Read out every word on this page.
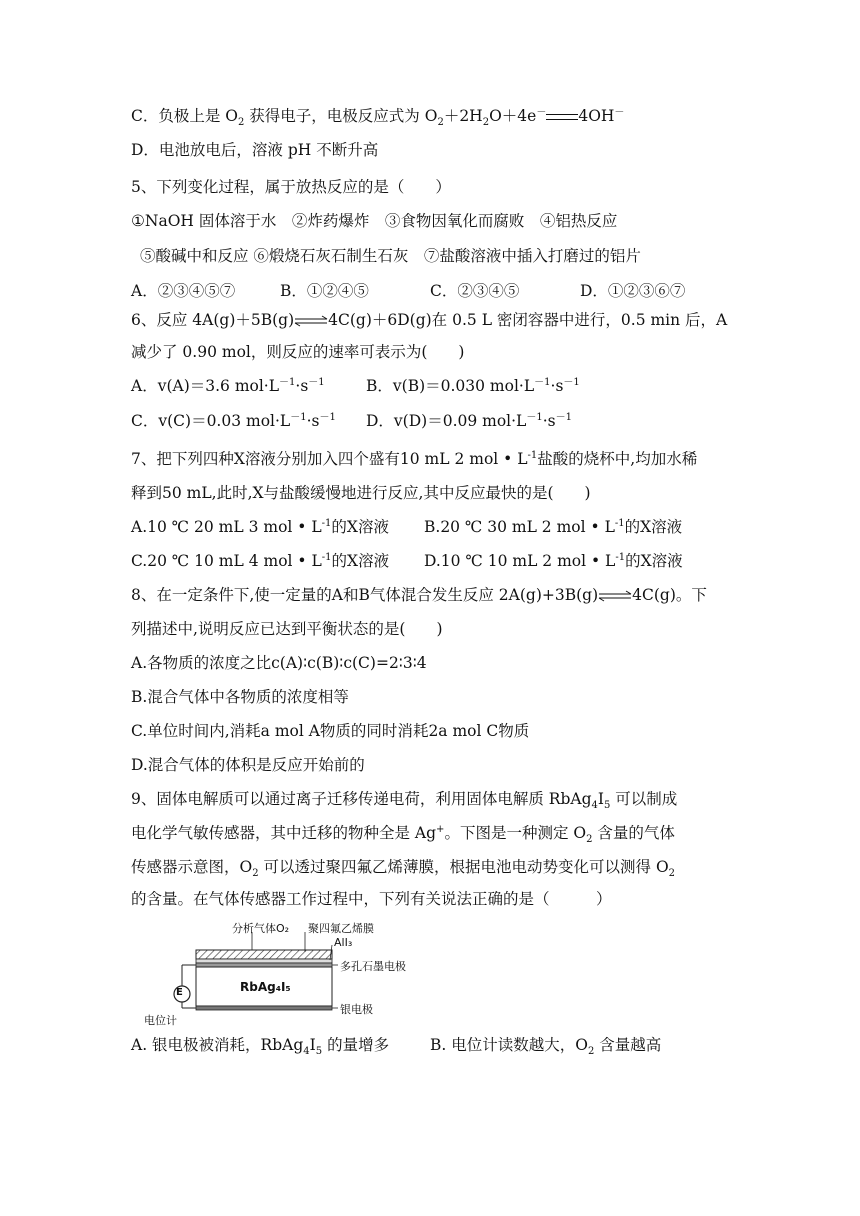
C．负极上是 $O_2$ 获得电子，电极反应式为 $O_2+2H_2O+4e^-$ 4OH－
D．电池放电后，溶液 pH 不断升高
5、下列变化过程，属于放热反应的是（　　）
①NaOH 固体溶于水　②炸药爆炸　③食物因氧化而腐败　④铝热反应
⑤酸碱中和反应 ⑥煅烧石灰石制生石灰　⑦盐酸溶液中插入打磨过的铝片
A．②③④⑤⑦	B．①②④⑤	C．②③④⑤	D．①②③⑥⑦
6、反应 4A(g)＋5B(g)⇌4C(g)＋6D(g)在 0.5 L 密闭容器中进行，0.5 min 后，A
减少了 0.90 mol，则反应的速率可表示为(　　)
A．v(A)＝3.6 $mol\cdot L^{-1}\cdot s^{-1}$	B．v(B)＝0.030 $mol\cdot L^{-1}\cdot s^{-1}$
C．v(C)＝0.03 $mol\cdot L^{-1}\cdot s^{-1}$ D．v(D)＝0.09 $mol\cdot L^{-1}\cdot s^{-1}$
7、把下列四种X溶液分别加入四个盛有10 mL 2 mol • $L^{-1}$盐酸的烧杯中,均加水稀
释到50 mL,此时,X与盐酸缓慢地进行反应,其中反应最快的是(　　)
A.10 ℃ 20 mL 3 mol • $L^{-1}$的X溶液 B.20 ℃ 30 mL 2 mol • $L^{-1}$的X溶液
C.20 ℃ 10 mL 4 mol • $L^{-1}$的X溶液 D.10 ℃ 10 mL 2 mol • $L^{-1}$的X溶液
8、在一定条件下,使一定量的A和B气体混合发生反应 2A(g)+3B(g)⇌4C(g)。下
列描述中,说明反应已达到平衡状态的是(　　)
A.各物质的浓度之比c(A)∶c(B)∶c(C)=2∶3∶4
B.混合气体中各物质的浓度相等
C.单位时间内,消耗a mol A物质的同时消耗2a mol C物质
D.混合气体的体积是反应开始前的
9、固体电解质可以通过离子迁移传递电荷，利用固体电解质 $RbAg_4I_5$ 可以制成
电化学气敏传感器，其中迁移的物种全是 Ag+。下图是一种测定 $O_2$ 含量的气体
传感器示意图，$O_2$ 可以透过聚四氟乙烯薄膜，根据电池电动势变化可以测得 $O_2$
的含量。在气体传感器工作过程中，下列有关说法正确的是（　　　）
分析气体O₂ 聚四氟乙烯膜
AlI₃
多孔石墨电极
RbAg₄I₅
银电极
E
电位计
A. 银电极被消耗，$RbAg_4I_5$ 的量增多	B. 电位计读数越大，$O_2$ 含量越高
